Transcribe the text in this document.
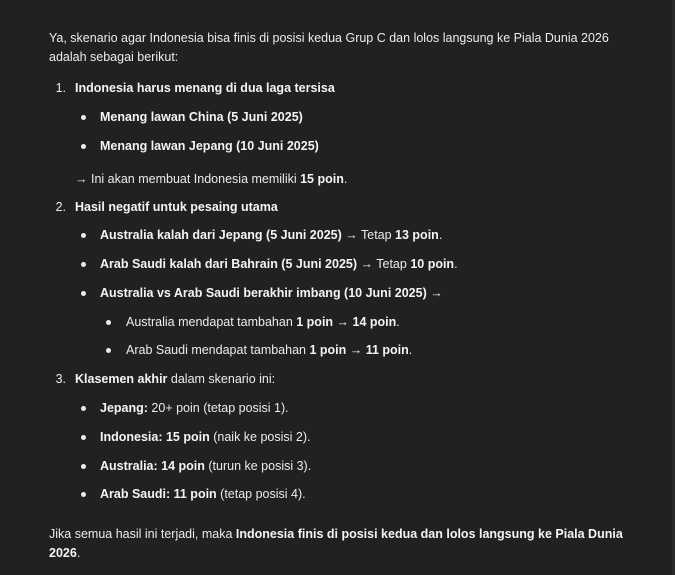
Ya, skenario agar Indonesia bisa finis di posisi kedua Grup C dan lolos langsung ke Piala Dunia 2026 adalah sebagai berikut:
1. Indonesia harus menang di dua laga tersisa
Menang lawan China (5 Juni 2025)
Menang lawan Jepang (10 Juni 2025)
→ Ini akan membuat Indonesia memiliki 15 poin.
2. Hasil negatif untuk pesaing utama
Australia kalah dari Jepang (5 Juni 2025) → Tetap 13 poin.
Arab Saudi kalah dari Bahrain (5 Juni 2025) → Tetap 10 poin.
Australia vs Arab Saudi berakhir imbang (10 Juni 2025) →
Australia mendapat tambahan 1 poin → 14 poin.
Arab Saudi mendapat tambahan 1 poin → 11 poin.
3. Klasemen akhir dalam skenario ini:
Jepang: 20+ poin (tetap posisi 1).
Indonesia: 15 poin (naik ke posisi 2).
Australia: 14 poin (turun ke posisi 3).
Arab Saudi: 11 poin (tetap posisi 4).
Jika semua hasil ini terjadi, maka Indonesia finis di posisi kedua dan lolos langsung ke Piala Dunia 2026.
